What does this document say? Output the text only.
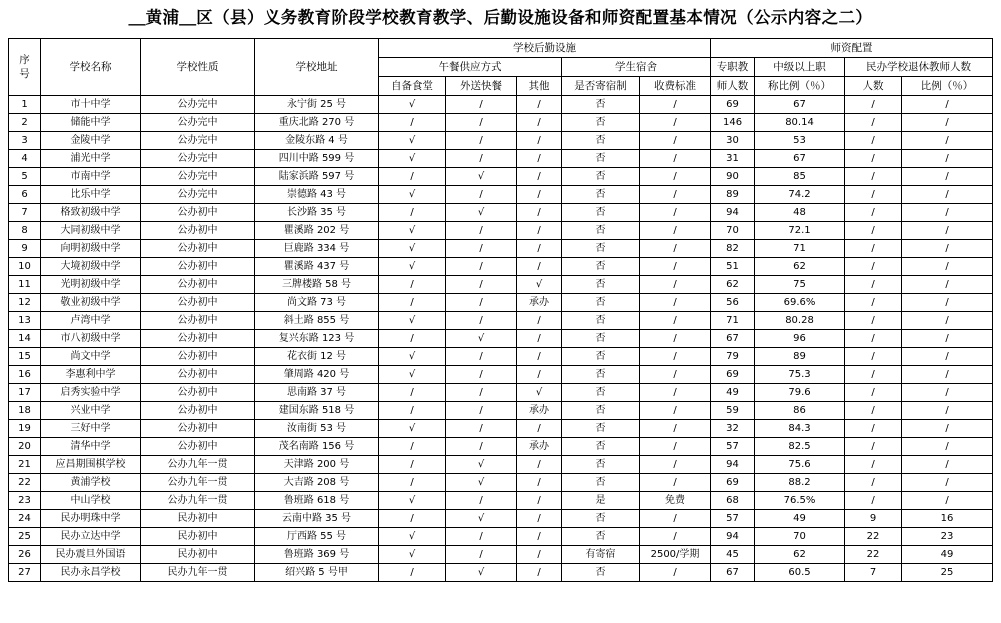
＿黄浦＿区（县）义务教育阶段学校教育教学、后勤设施设备和师资配置基本情况（公示内容之二）
序号	学校名称	学校性质	学校地址	学校后勤设施					师资配置			
				午餐供应方式			学生宿舍		专职教	中级以上职	民办学校退休教师人数	
				自备食堂	外送快餐	其他	是否寄宿制	收费标准	师人数	称比例（％）	人数	比例（％）
1	市十中学	公办完中	永宁街 25 号	√	/	/	否	/	69	67	/	/
2	储能中学	公办完中	重庆北路 270 号	/	/	/	否	/	146	80.14	/	/
3	金陵中学	公办完中	金陵东路 4 号	√	/	/	否	/	30	53	/	/
4	浦光中学	公办完中	四川中路 599 号	√	/	/	否	/	31	67	/	/
5	市南中学	公办完中	陆家浜路 597 号	/	√	/	否	/	90	85	/	/
6	比乐中学	公办完中	崇德路 43 号	√	/	/	否	/	89	74.2	/	/
7	格致初级中学	公办初中	长沙路 35 号	/	√	/	否	/	94	48	/	/
8	大同初级中学	公办初中	瞿溪路 202 号	√	/	/	否	/	70	72.1	/	/
9	向明初级中学	公办初中	巨鹿路 334 号	√	/	/	否	/	82	71	/	/
10	大境初级中学	公办初中	瞿溪路 437 号	√	/	/	否	/	51	62	/	/
11	光明初级中学	公办初中	三牌楼路 58 号	/	/	√	否	/	62	75	/	/
12	敬业初级中学	公办初中	尚文路 73 号	/	/	承办	否	/	56	69.6%	/	/
13	卢湾中学	公办初中	斜土路 855 号	√	/	/	否	/	71	80.28	/	/
14	市八初级中学	公办初中	复兴东路 123 号	/	√	/	否	/	67	96	/	/
15	尚文中学	公办初中	花衣街 12 号	√	/	/	否	/	79	89	/	/
16	李惠利中学	公办初中	肇周路 420 号	√	/	/	否	/	69	75.3	/	/
17	启秀实验中学	公办初中	思南路 37 号	/	/	√	否	/	49	79.6	/	/
18	兴业中学	公办初中	建国东路 518 号	/	/	承办	否	/	59	86	/	/
19	三好中学	公办初中	汝南街 53 号	√	/	/	否	/	32	84.3	/	/
20	清华中学	公办初中	茂名南路 156 号	/	/	承办	否	/	57	82.5	/	/
21	应昌期围棋学校	公办九年一贯	天津路 200 号	/	√	/	否	/	94	75.6	/	/
22	黄浦学校	公办九年一贯	大吉路 208 号	/	√	/	否	/	69	88.2	/	/
23	中山学校	公办九年一贯	鲁班路 618 号	√	/	/	是	免费	68	76.5%	/	/
24	民办明珠中学	民办初中	云南中路 35 号	/	√	/	否	/	57	49	9	16
25	民办立达中学	民办初中	厅西路 55 号	√	/	/	否	/	94	70	22	23
26	民办震旦外国语	民办初中	鲁班路 369 号	√	/	/	有寄宿	2500/学期	45	62	22	49
27	民办永昌学校	民办九年一贯	绍兴路 5 号甲	/	√	/	否	/	67	60.5	7	25
